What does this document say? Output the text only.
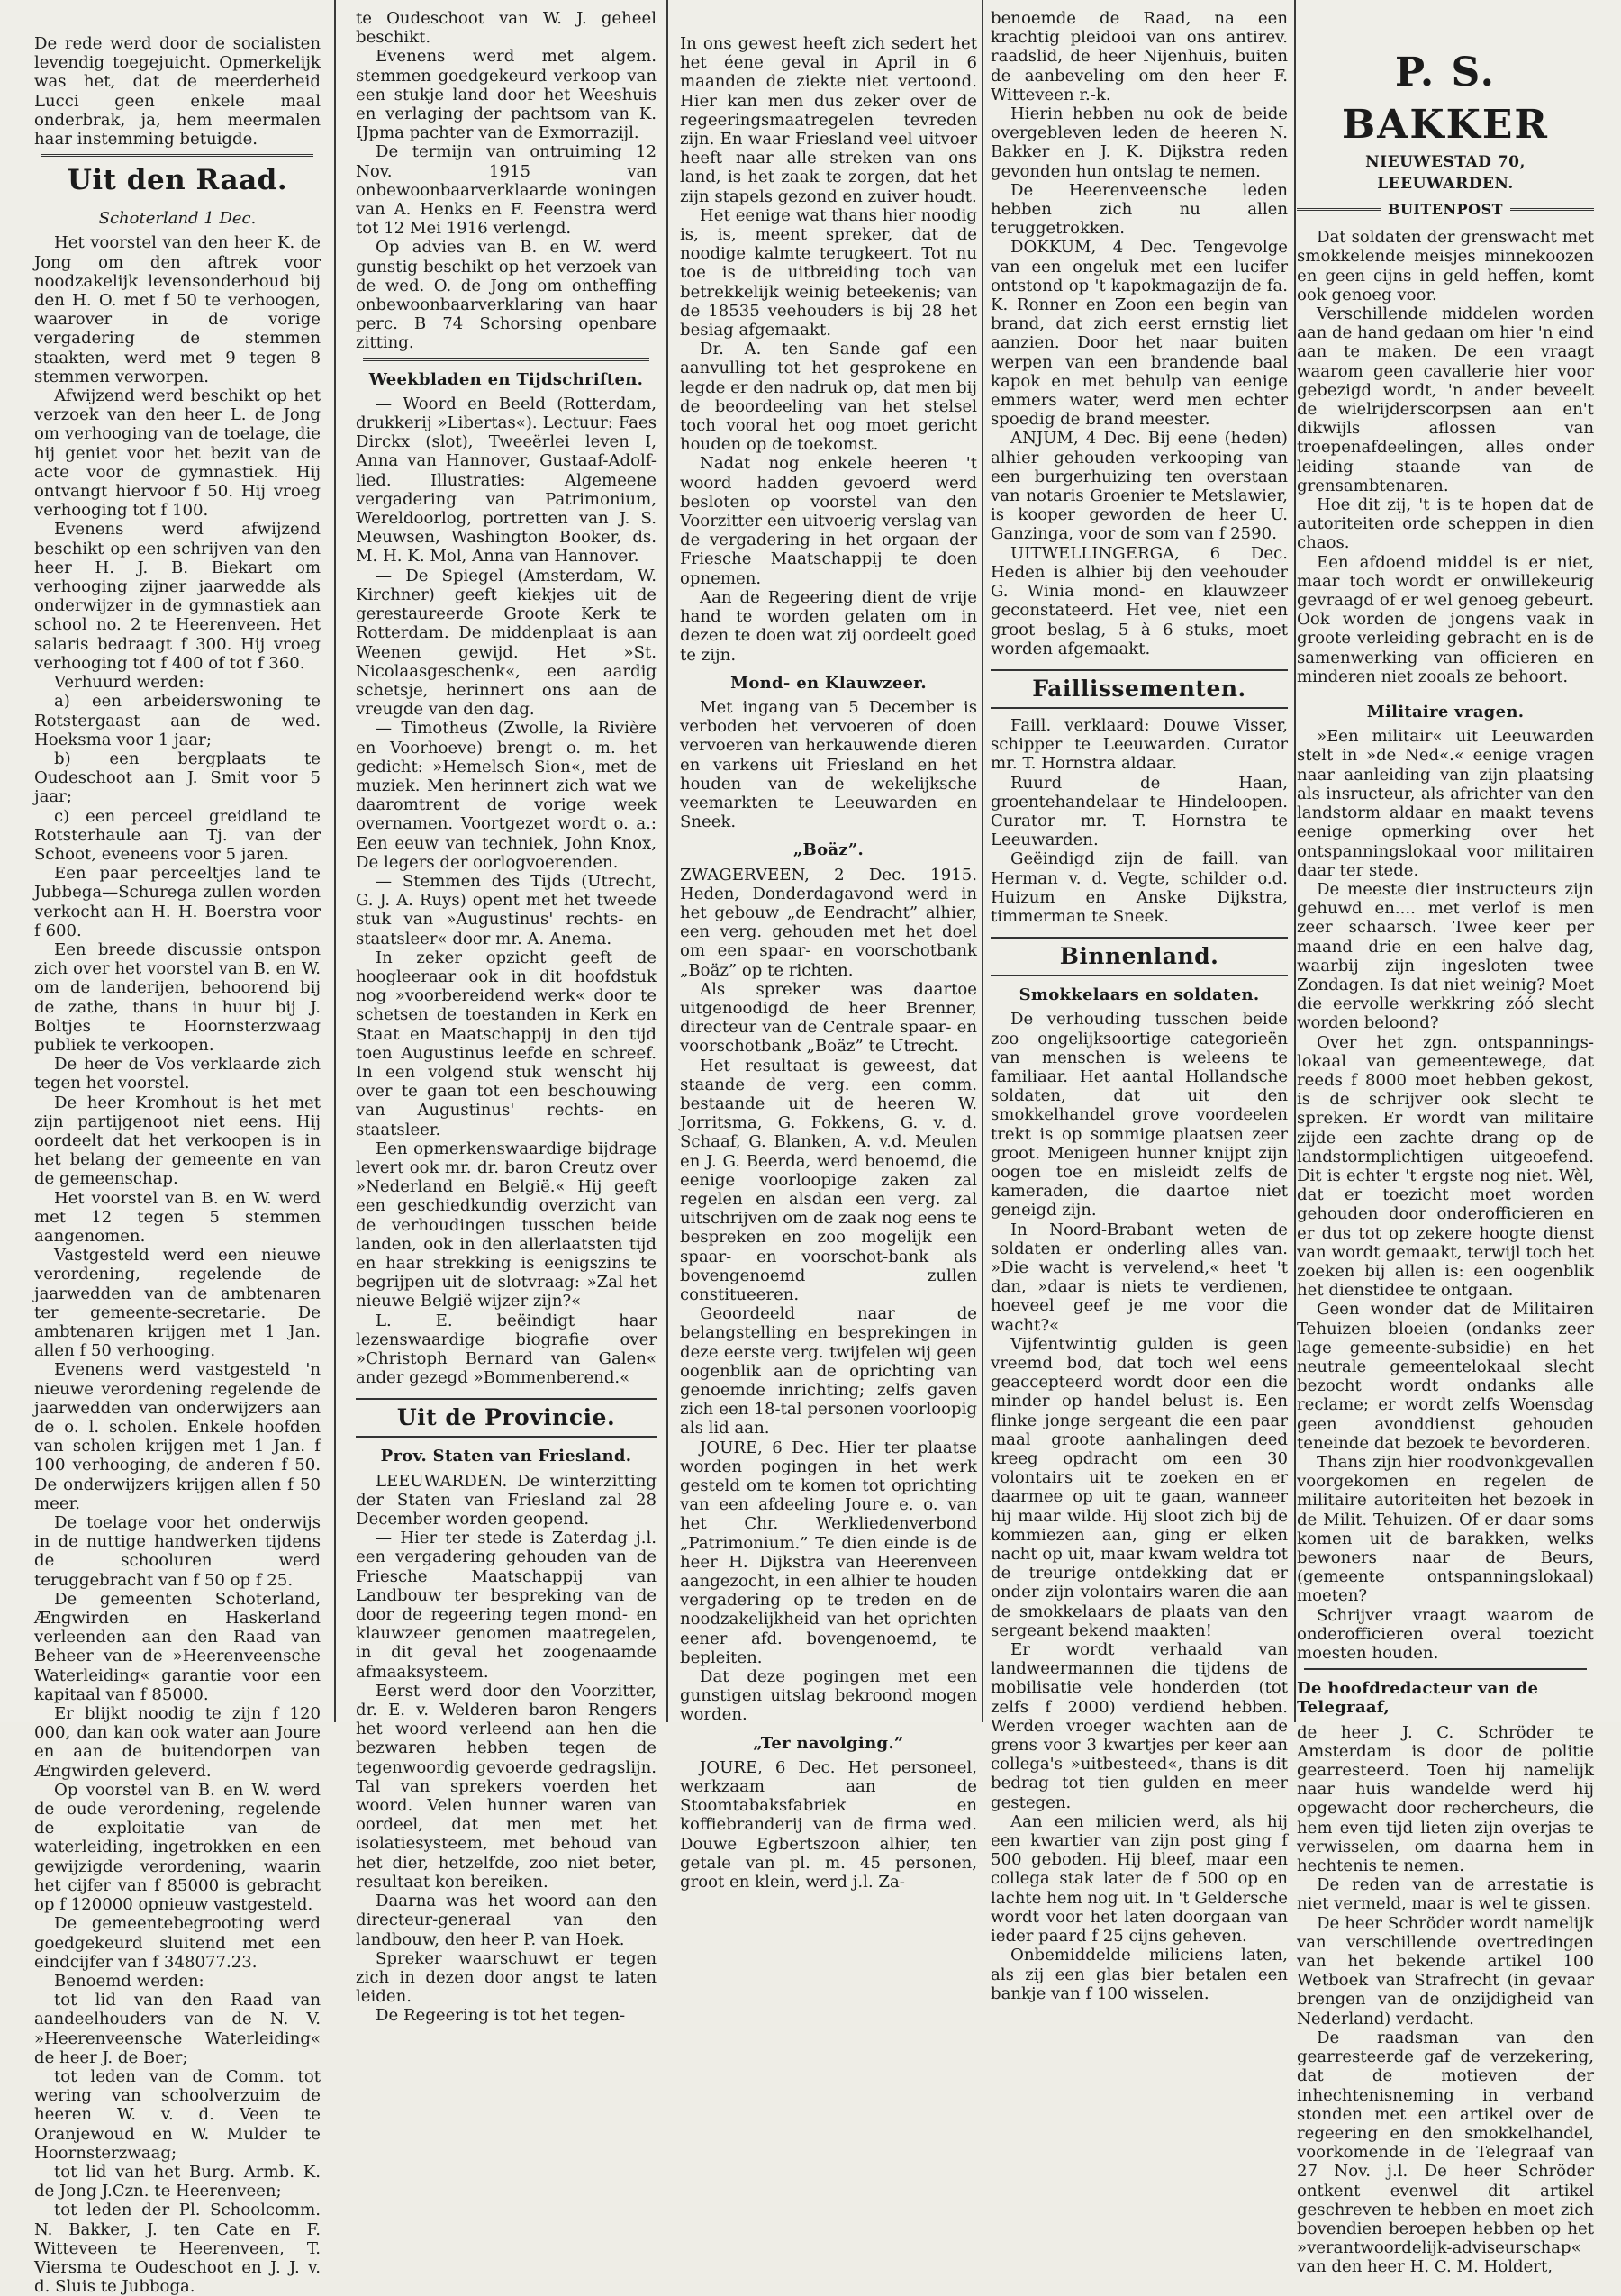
De rede werd door de socialisten levendig toegejuicht. Opmerkelijk was het, dat de meerderheid Lucci geen enkele maal onderbrak, ja, hem meermalen haar instemming betuigde.

Uit den Raad.
Schoterland 1 Dec.

Het voorstel van den heer K. de Jong om den aftrek voor noodzakelijk levensonderhoud bij den H. O. met f 50 te verhoogen, waarover in de vorige vergadering de stemmen staakten, werd met 9 tegen 8 stemmen verworpen.

Afwijzend werd beschikt op het verzoek van den heer L. de Jong om verhooging van de toelage, die hij geniet voor het bezit van de acte voor de gymnastiek. Hij ontvangt hiervoor f 50. Hij vroeg verhooging tot f 100.

Evenens werd afwijzend beschikt op een schrijven van den heer H. J. B. Biekart om verhooging zijner jaarwedde als onderwijzer in de gymnastiek aan school no. 2 te Heerenveen. Het salaris bedraagt f 300. Hij vroeg verhooging tot f 400 of tot f 360.

Verhuurd werden:

a) een arbeiderswoning te Rotstergaast aan de wed. Hoeksma voor 1 jaar;

b) een bergplaats te Oudeschoot aan J. Smit voor 5 jaar;

c) een perceel greidland te Rotsterhaule aan Tj. van der Schoot, eveneens voor 5 jaren.

Een paar perceeltjes land te Jubbega—Schurega zullen worden verkocht aan H. H. Boerstra voor f 600.

Een breede discussie ontspon zich over het voorstel van B. en W. om de landerijen, behoorend bij de zathe, thans in huur bij J. Boltjes te Hoornsterzwaag publiek te verkoopen.

De heer de Vos verklaarde zich tegen het voorstel.

De heer Kromhout is het met zijn partijgenoot niet eens. Hij oordeelt dat het verkoopen is in het belang der gemeente en van de gemeenschap.

Het voorstel van B. en W. werd met 12 tegen 5 stemmen aangenomen.

Vastgesteld werd een nieuwe verordening, regelende de jaarwedden van de ambtenaren ter gemeente-secretarie. De ambtenaren krijgen met 1 Jan. allen f 50 verhooging.

Evenens werd vastgesteld 'n nieuwe verordening regelende de jaarwedden van onderwijzers aan de o. l. scholen. Enkele hoofden van scholen krijgen met 1 Jan. f 100 verhooging, de anderen f 50. De onderwijzers krijgen allen f 50 meer.

De toelage voor het onderwijs in de nuttige handwerken tijdens de schooluren werd teruggebracht van f 50 op f 25.

De gemeenten Schoterland, Ængwirden en Haskerland verleenden aan den Raad van Beheer van de »Heerenveensche Waterleiding« garantie voor een kapitaal van f 85000.

Er blijkt noodig te zijn f 120 000, dan kan ook water aan Joure en aan de buitendorpen van Ængwirden geleverd.

Op voorstel van B. en W. werd de oude verordening, regelende de exploitatie van de waterleiding, ingetrokken en een gewijzigde verordening, waarin het cijfer van f 85000 is gebracht op f 120000 opnieuw vastgesteld.

De gemeentebegrooting werd goedgekeurd sluitend met een eindcijfer van f 348077.23.

Benoemd werden:

tot lid van den Raad van aandeelhouders van de N. V. »Heerenveensche Waterleiding« de heer J. de Boer;

tot leden van de Comm. tot wering van schoolverzuim de heeren W. v. d. Veen te Oranjewoud en W. Mulder te Hoornsterzwaag;

tot lid van het Burg. Armb. K. de Jong J.Czn. te Heerenveen;

tot leden der Pl. Schoolcomm. N. Bakker, J. ten Cate en F. Witteveen te Heerenveen, T. Viersma te Oudeschoot en J. J. v. d. Sluis te Jubboga.

te Oudeschoot van W. J. geheel beschikt.

Evenens werd met algem. stemmen goedgekeurd verkoop van een stukje land door het Weeshuis en verlaging der pachtsom van K. IJpma pachter van de Exmorrazijl.

De termijn van ontruiming 12 Nov. 1915 van onbewoonbaarverklaarde woningen van A. Henks en F. Feenstra werd tot 12 Mei 1916 verlengd.

Op advies van B. en W. werd gunstig beschikt op het verzoek van de wed. O. de Jong om ontheffing onbewoonbaarverklaring van haar perc. B 74 Schorsing openbare zitting.

Weekbladen en Tijdschriften.

— Woord en Beeld (Rotterdam, drukkerij »Libertas«). Lectuur: Faes Dirckx (slot), Tweeërlei leven I, Anna van Hannover, Gustaaf-Adolf-lied. Illustraties: Algemeene vergadering van Patrimonium, Wereldoorlog, portretten van J. S. Meuwsen, Washington Booker, ds. M. H. K. Mol, Anna van Hannover.

— De Spiegel (Amsterdam, W. Kirchner) geeft kiekjes uit de gerestaureerde Groote Kerk te Rotterdam. De middenplaat is aan Weenen gewijd. Het »St. Nicolaasgeschenk«, een aardig schetsje, herinnert ons aan de vreugde van den dag.

— Timotheus (Zwolle, la Rivière en Voorhoeve) brengt o. m. het gedicht: »Hemelsch Sion«, met de muziek. Men herinnert zich wat we daaromtrent de vorige week overnamen. Voortgezet wordt o. a.: Een eeuw van techniek, John Knox, De legers der oorlogvoerenden.

— Stemmen des Tijds (Utrecht, G. J. A. Ruys) opent met het tweede stuk van »Augustinus' rechts- en staatsleer« door mr. A. Anema.

In zeker opzicht geeft de hoogleeraar ook in dit hoofdstuk nog »voorbereidend werk« door te schetsen de toestanden in Kerk en Staat en Maatschappij in den tijd toen Augustinus leefde en schreef. In een volgend stuk wenscht hij over te gaan tot een beschouwing van Augustinus' rechts- en staatsleer.

Een opmerkenswaardige bijdrage levert ook mr. dr. baron Creutz over »Nederland en België.« Hij geeft een geschiedkundig overzicht van de verhoudingen tusschen beide landen, ook in den allerlaatsten tijd en haar strekking is eenigszins te begrijpen uit de slotvraag: »Zal het nieuwe België wijzer zijn?«

L. E. beëindigt haar lezenswaardige biografie over »Christoph Bernard van Galen« ander gezegd »Bommenberend.«

Uit de Provincie.
Prov. Staten van Friesland.

LEEUWARDEN. De winterzitting der Staten van Friesland zal 28 December worden geopend.

— Hier ter stede is Zaterdag j.l. een vergadering gehouden van de Friesche Maatschappij van Landbouw ter bespreking van de door de regeering tegen mond- en klauwzeer genomen maatregelen, in dit geval het zoogenaamde afmaaksysteem.

Eerst werd door den Voorzitter, dr. E. v. Welderen baron Rengers het woord verleend aan hen die bezwaren hebben tegen de tegenwoordig gevoerde gedragslijn. Tal van sprekers voerden het woord. Velen hunner waren van oordeel, dat men met het isolatiesysteem, met behoud van het dier, hetzelfde, zoo niet beter, resultaat kon bereiken.

Daarna was het woord aan den directeur-generaal van den landbouw, den heer P. van Hoek.

Spreker waarschuwt er tegen zich in dezen door angst te laten leiden.

De Regeering is tot het tegen-

In ons gewest heeft zich sedert het het éene geval in April in 6 maanden de ziekte niet vertoond. Hier kan men dus zeker over de regeeringsmaatregelen tevreden zijn. En waar Friesland veel uitvoer heeft naar alle streken van ons land, is het zaak te zorgen, dat het zijn stapels gezond en zuiver houdt.

Het eenige wat thans hier noodig is, is, meent spreker, dat de noodige kalmte terugkeert. Tot nu toe is de uitbreiding toch van betrekkelijk weinig beteekenis; van de 18535 veehouders is bij 28 het besiag afgemaakt.

Dr. A. ten Sande gaf een aanvulling tot het gesprokene en legde er den nadruk op, dat men bij de beoordeeling van het stelsel toch vooral het oog moet gericht houden op de toekomst.

Nadat nog enkele heeren 't woord hadden gevoerd werd besloten op voorstel van den Voorzitter een uitvoerig verslag van de vergadering in het orgaan der Friesche Maatschappij te doen opnemen.

Aan de Regeering dient de vrije hand te worden gelaten om in dezen te doen wat zij oordeelt goed te zijn.

Mond- en Klauwzeer.

Met ingang van 5 December is verboden het vervoeren of doen vervoeren van herkauwende dieren en varkens uit Friesland en het houden van de wekelijksche veemarkten te Leeuwarden en Sneek.

„Boäz”.

ZWAGERVEEN, 2 Dec. 1915. Heden, Donderdagavond werd in het gebouw „de Eendracht” alhier, een verg. gehouden met het doel om een spaar- en voorschotbank „Boäz” op te richten.

Als spreker was daartoe uitgenoodigd de heer Brenner, directeur van de Centrale spaar- en voorschotbank „Boäz” te Utrecht.

Het resultaat is geweest, dat staande de verg. een comm. bestaande uit de heeren W. Jorritsma, G. Fokkens, G. v. d. Schaaf, G. Blanken, A. v.d. Meulen en J. G. Beerda, werd benoemd, die eenige voorloopige zaken zal regelen en alsdan een verg. zal uitschrijven om de zaak nog eens te bespreken en zoo mogelijk een spaar- en voorschot-bank als bovengenoemd zullen constitueeren.

Geoordeeld naar de belangstelling en besprekingen in deze eerste verg. twijfelen wij geen oogenblik aan de oprichting van genoemde inrichting; zelfs gaven zich een 18-tal personen voorloopig als lid aan.

JOURE, 6 Dec. Hier ter plaatse worden pogingen in het werk gesteld om te komen tot oprichting van een afdeeling Joure e. o. van het Chr. Werkliedenverbond „Patrimonium.” Te dien einde is de heer H. Dijkstra van Heerenveen aangezocht, in een alhier te houden vergadering op te treden en de noodzakelijkheid van het oprichten eener afd. bovengenoemd, te bepleiten.

Dat deze pogingen met een gunstigen uitslag bekroond mogen worden.

„Ter navolging.”

JOURE, 6 Dec. Het personeel, werkzaam aan de Stoomtabaksfabriek en koffiebranderij van de firma wed. Douwe Egbertszoon alhier, ten getale van pl. m. 45 personen, groot en klein, werd j.l. Za-

benoemde de Raad, na een krachtig pleidooi van ons antirev. raadslid, de heer Nijenhuis, buiten de aanbeveling om den heer F. Witteveen r.-k.

Hierin hebben nu ook de beide overgebleven leden de heeren N. Bakker en J. K. Dijkstra reden gevonden hun ontslag te nemen.

De Heerenveensche leden hebben zich nu allen teruggetrokken.

DOKKUM, 4 Dec. Tengevolge van een ongeluk met een lucifer ontstond op 't kapokmagazijn de fa. K. Ronner en Zoon een begin van brand, dat zich eerst ernstig liet aanzien. Door het naar buiten werpen van een brandende baal kapok en met behulp van eenige emmers water, werd men echter spoedig de brand meester.

ANJUM, 4 Dec. Bij eene (heden) alhier gehouden verkooping van een burgerhuizing ten overstaan van notaris Groenier te Metslawier, is kooper geworden de heer U. Ganzinga, voor de som van f 2590.

UITWELLINGERGA, 6 Dec. Heden is alhier bij den veehouder G. Winia mond- en klauwzeer geconstateerd. Het vee, niet een groot beslag, 5 à 6 stuks, moet worden afgemaakt.

Faillissementen.

Faill. verklaard: Douwe Visser, schipper te Leeuwarden. Curator mr. T. Hornstra aldaar.

Ruurd de Haan, groentehandelaar te Hindeloopen. Curator mr. T. Hornstra te Leeuwarden.

Geëindigd zijn de faill. van Herman v. d. Vegte, schilder o.d. Huizum en Anske Dijkstra, timmerman te Sneek.

Binnenland.
Smokkelaars en soldaten.

De verhouding tusschen beide zoo ongelijksoortige categorieën van menschen is weleens te familiaar. Het aantal Hollandsche soldaten, dat uit den smokkelhandel grove voordeelen trekt is op sommige plaatsen zeer groot. Menigeen hunner knijpt zijn oogen toe en misleidt zelfs de kameraden, die daartoe niet geneigd zijn.

In Noord-Brabant weten de soldaten er onderling alles van. »Die wacht is vervelend,« heet 't dan, »daar is niets te verdienen, hoeveel geef je me voor die wacht?«

Vijfentwintig gulden is geen vreemd bod, dat toch wel eens geaccepteerd wordt door een die minder op handel belust is. Een flinke jonge sergeant die een paar maal groote aanhalingen deed kreeg opdracht om een 30 volontairs uit te zoeken en er daarmee op uit te gaan, wanneer hij maar wilde. Hij sloot zich bij de kommiezen aan, ging er elken nacht op uit, maar kwam weldra tot de treurige ontdekking dat er onder zijn volontairs waren die aan de smokkelaars de plaats van den sergeant bekend maakten!

Er wordt verhaald van landweermannen die tijdens de mobilisatie vele honderden (tot zelfs f 2000) verdiend hebben. Werden vroeger wachten aan de grens voor 3 kwartjes per keer aan collega's »uitbesteed«, thans is dit bedrag tot tien gulden en meer gestegen.

Aan een milicien werd, als hij een kwartier van zijn post ging f 500 geboden. Hij bleef, maar een collega stak later de f 500 op en lachte hem nog uit. In 't Geldersche wordt voor het laten doorgaan van ieder paard f 25 cijns geheven.

Onbemiddelde miliciens laten, als zij een glas bier betalen een bankje van f 100 wisselen.

P. S. BAKKER
NIEUWESTAD 70, LEEUWARDEN.
BUITENPOST

Dat soldaten der grenswacht met smokkelende meisjes minnekoozen en geen cijns in geld heffen, komt ook genoeg voor.

Verschillende middelen worden aan de hand gedaan om hier 'n eind aan te maken. De een vraagt waarom geen cavallerie hier voor gebezigd wordt, 'n ander beveelt de wielrijderscorpsen aan en't dikwijls aflossen van troepenafdeelingen, alles onder leiding staande van de grensambtenaren.

Hoe dit zij, 't is te hopen dat de autoriteiten orde scheppen in dien chaos.

Een afdoend middel is er niet, maar toch wordt er onwillekeurig gevraagd of er wel genoeg gebeurt. Ook worden de jongens vaak in groote verleiding gebracht en is de samenwerking van officieren en minderen niet zooals ze behoort.

Militaire vragen.

»Een militair« uit Leeuwarden stelt in »de Ned«.« eenige vragen naar aanleiding van zijn plaatsing als insructeur, als africhter van den landstorm aldaar en maakt tevens eenige opmerking over het ontspanningslokaal voor militairen daar ter stede.

De meeste dier instructeurs zijn gehuwd en.... met verlof is men zeer schaarsch. Twee keer per maand drie en een halve dag, waarbij zijn ingesloten twee Zondagen. Is dat niet weinig? Moet die eervolle werkkring zóó slecht worden beloond?

Over het zgn. ontspannings-lokaal van gemeentewege, dat reeds f 8000 moet hebben gekost, is de schrijver ook slecht te spreken. Er wordt van militaire zijde een zachte drang op de landstormplichtigen uitgeoefend. Dit is echter 't ergste nog niet. Wèl, dat er toezicht moet worden gehouden door onderofficieren en er dus tot op zekere hoogte dienst van wordt gemaakt, terwijl toch het zoeken bij allen is: een oogenblik het dienstidee te ontgaan.

Geen wonder dat de Militairen Tehuizen bloeien (ondanks zeer lage gemeente-subsidie) en het neutrale gemeentelokaal slecht bezocht wordt ondanks alle reclame; er wordt zelfs Woensdag geen avonddienst gehouden teneinde dat bezoek te bevorderen.

Thans zijn hier roodvonkgevallen voorgekomen en regelen de militaire autoriteiten het bezoek in de Milit. Tehuizen. Of er daar soms komen uit de barakken, welks bewoners naar de Beurs, (gemeente ontspanningslokaal) moeten?

Schrijver vraagt waarom de onderofficieren overal toezicht moesten houden.

De hoofdredacteur van de Telegraaf,

de heer J. C. Schröder te Amsterdam is door de politie gearresteerd. Toen hij namelijk naar huis wandelde werd hij opgewacht door rechercheurs, die hem even tijd lieten zijn overjas te verwisselen, om daarna hem in hechtenis te nemen.

De reden van de arrestatie is niet vermeld, maar is wel te gissen.

De heer Schröder wordt namelijk van verschillende overtredingen van het bekende artikel 100 Wetboek van Strafrecht (in gevaar brengen van de onzijdigheid van Nederland) verdacht.

De raadsman van den gearresteerde gaf de verzekering, dat de motieven der inhechtenisneming in verband stonden met een artikel over de regeering en den smokkelhandel, voorkomende in de Telegraaf van 27 Nov. j.l. De heer Schröder ontkent evenwel dit artikel geschreven te hebben en moet zich bovendien beroepen hebben op het »verantwoordelijk-adviseurschap« van den heer H. C. M. Holdert,
